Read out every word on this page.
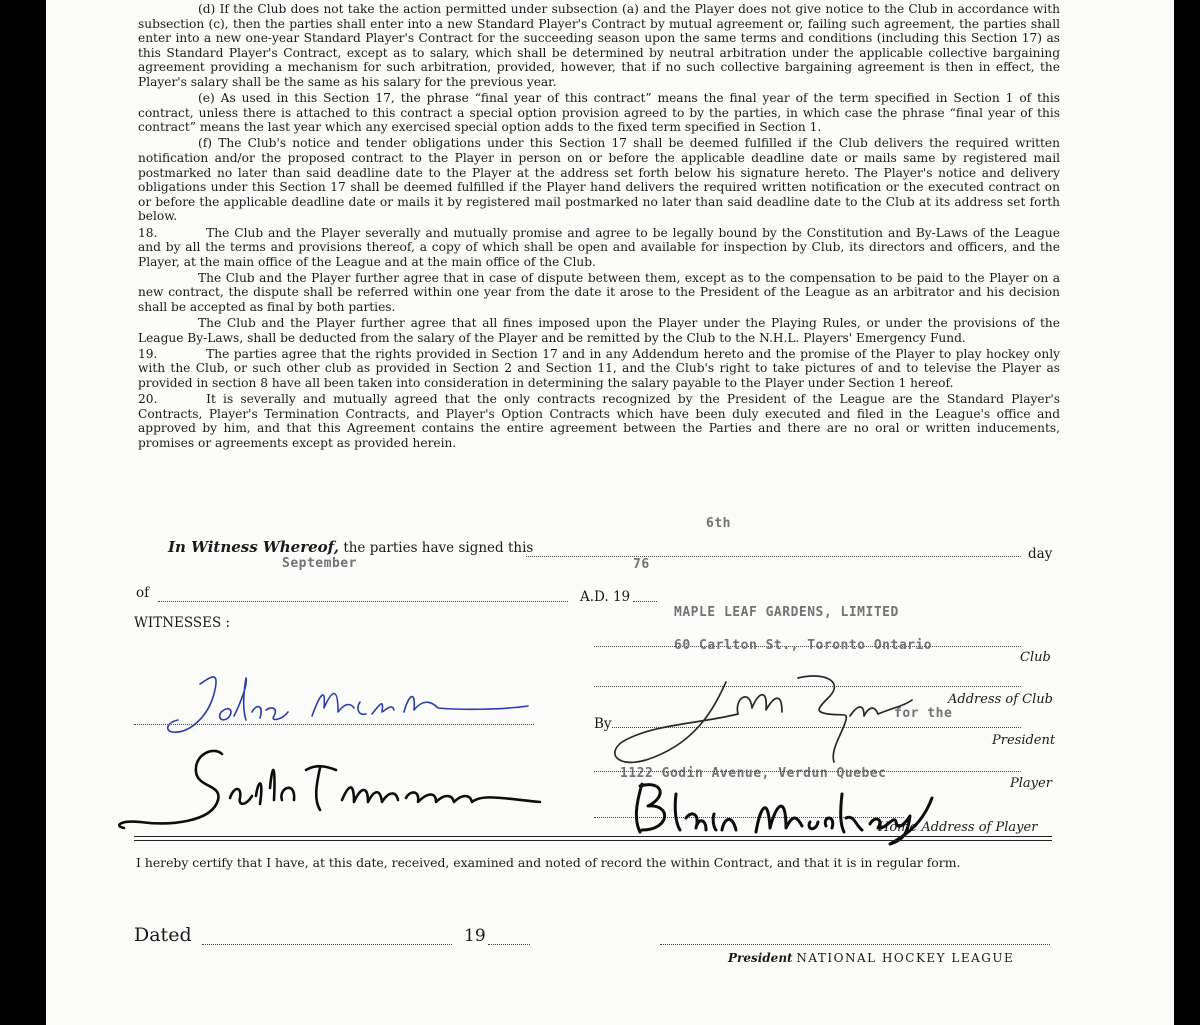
(d) If the Club does not take the action permitted under subsection (a) and the Player does not give notice to the Club in accordance with subsection (c), then the parties shall enter into a new Standard Player's Contract by mutual agreement or, failing such agreement, the parties shall enter into a new one-year Standard Player's Contract for the succeeding season upon the same terms and conditions (including this Section 17) as this Standard Player's Contract, except as to salary, which shall be determined by neutral arbitration under the applicable collective bargaining agreement providing a mechanism for such arbitration, provided, however, that if no such collective bargaining agreement is then in effect, the Player's salary shall be the same as his salary for the previous year.

(e) As used in this Section 17, the phrase “final year of this contract” means the final year of the term specified in Section 1 of this contract, unless there is attached to this contract a special option provision agreed to by the parties, in which case the phrase “final year of this contract” means the last year which any exercised special option adds to the fixed term specified in Section 1.

(f) The Club's notice and tender obligations under this Section 17 shall be deemed fulfilled if the Club delivers the required written notification and/or the proposed contract to the Player in person on or before the applicable deadline date or mails same by registered mail postmarked no later than said deadline date to the Player at the address set forth below his signature hereto. The Player's notice and delivery obligations under this Section 17 shall be deemed fulfilled if the Player hand delivers the required written notification or the executed contract on or before the applicable deadline date or mails it by registered mail postmarked no later than said deadline date to the Club at its address set forth below.

18.    The Club and the Player severally and mutually promise and agree to be legally bound by the Constitution and By-Laws of the League and by all the terms and provisions thereof, a copy of which shall be open and available for inspection by Club, its directors and officers, and the Player, at the main office of the League and at the main office of the Club.

The Club and the Player further agree that in case of dispute between them, except as to the compensation to be paid to the Player on a new contract, the dispute shall be referred within one year from the date it arose to the President of the League as an arbitrator and his decision shall be accepted as final by both parties.

The Club and the Player further agree that all fines imposed upon the Player under the Playing Rules, or under the provisions of the League By-Laws, shall be deducted from the salary of the Player and be remitted by the Club to the N.H.L. Players' Emergency Fund.

19.    The parties agree that the rights provided in Section 17 and in any Addendum hereto and the promise of the Player to play hockey only with the Club, or such other club as provided in Section 2 and Section 11, and the Club's right to take pictures of and to televise the Player as provided in section 8 have all been taken into consideration in determining the salary payable to the Player under Section 1 hereof.

20.    It is severally and mutually agreed that the only contracts recognized by the President of the League are the Standard Player's Contracts, Player's Termination Contracts, and Player's Option Contracts which have been duly executed and filed in the League's office and approved by him, and that this Agreement contains the entire agreement between the Parties and there are no oral or written inducements, promises or agreements except as provided herein.

6th
September	76
In Witness Whereof, the parties have signed this	day
of	A.D. 19
WITNESSES :
MAPLE LEAF GARDENS, LIMITED
60 Carlton St., Toronto Ontario
Club
Address of Club
By
for the
President
1122 Godin Avenue, Verdun Quebec
Player
Home Address of Player
I hereby certify that I have, at this date, received, examined and noted of record the within Contract, and that it is in regular form.
Dated	19
President NATIONAL HOCKEY LEAGUE
